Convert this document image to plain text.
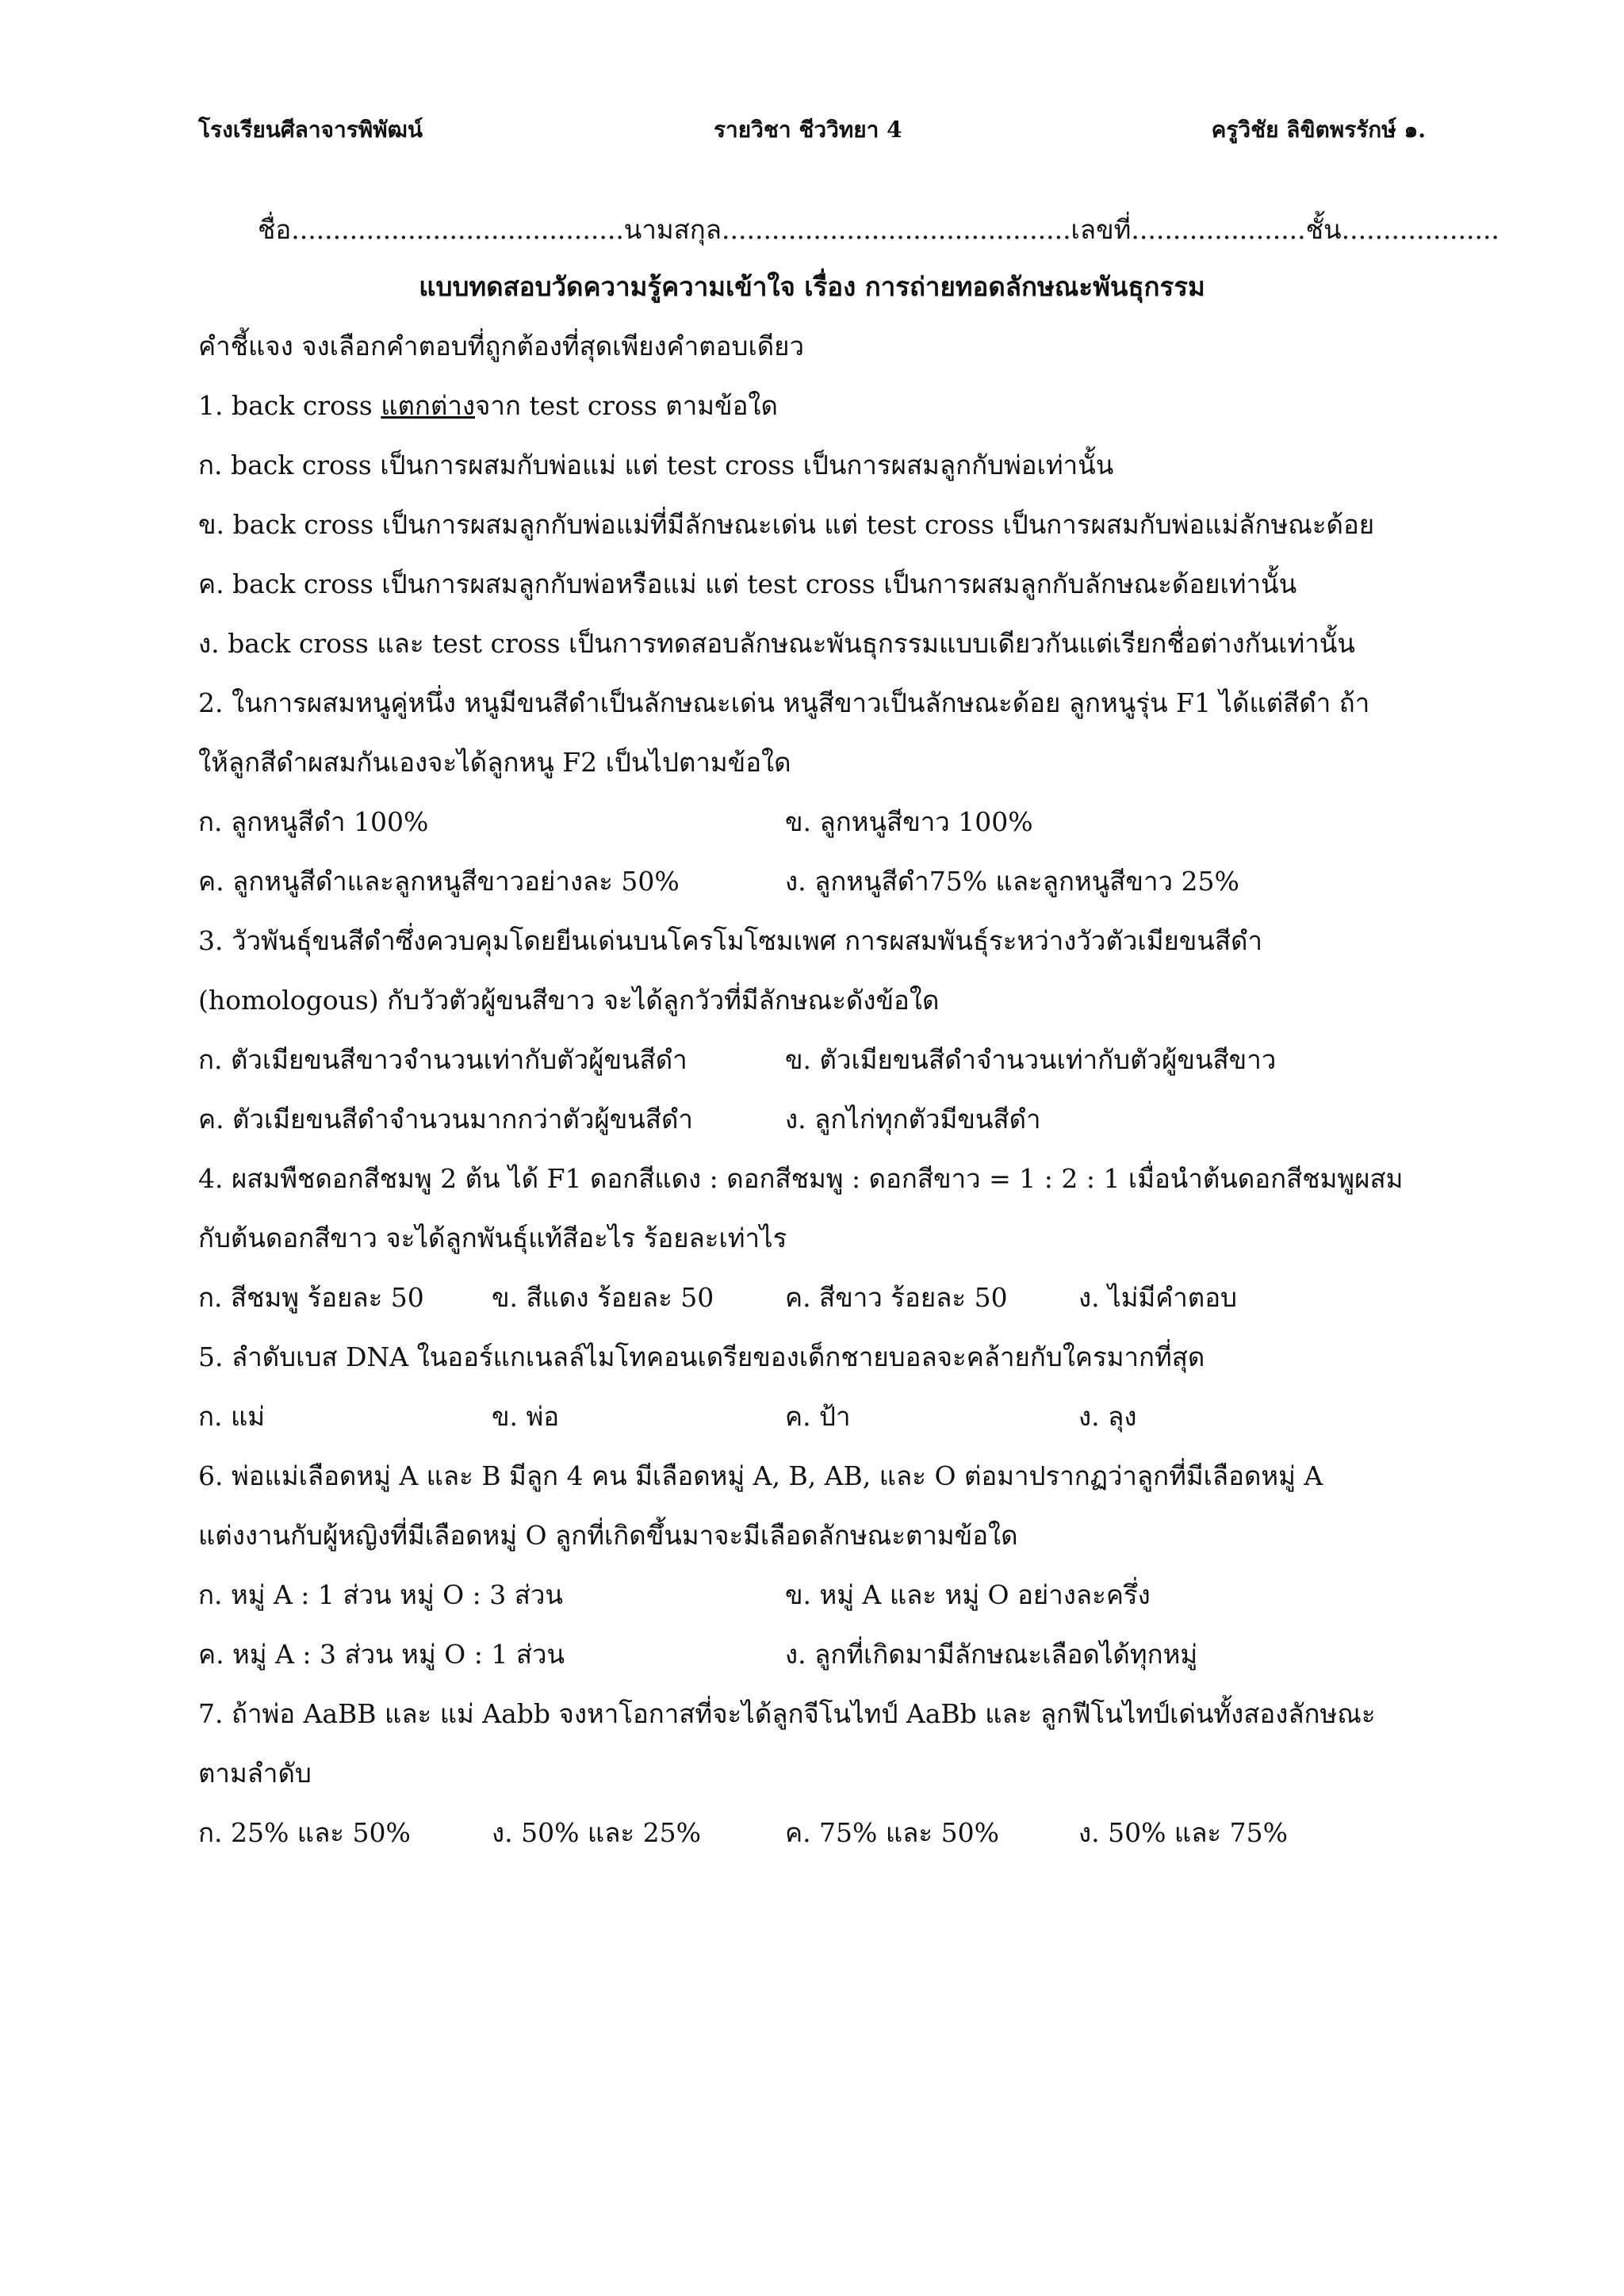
โรงเรียนศีลาจารพิพัฒน์	รายวิชา ชีววิทยา 4	ครูวิชัย ลิขิตพรรักษ์ ๑.
ชื่อ........................................นามสกุล..........................................เลขที่.....................ชั้น...................
แบบทดสอบวัดความรู้ความเข้าใจ เรื่อง การถ่ายทอดลักษณะพันธุกรรม
คำชี้แจง จงเลือกคำตอบที่ถูกต้องที่สุดเพียงคำตอบเดียว
1. back cross แตกต่างจาก test cross ตามข้อใด
ก. back cross เป็นการผสมกับพ่อแม่ แต่ test cross เป็นการผสมลูกกับพ่อเท่านั้น
ข. back cross เป็นการผสมลูกกับพ่อแม่ที่มีลักษณะเด่น แต่ test cross เป็นการผสมกับพ่อแม่ลักษณะด้อย
ค. back cross เป็นการผสมลูกกับพ่อหรือแม่ แต่ test cross เป็นการผสมลูกกับลักษณะด้อยเท่านั้น
ง. back cross และ test cross เป็นการทดสอบลักษณะพันธุกรรมแบบเดียวกันแต่เรียกชื่อต่างกันเท่านั้น
2. ในการผสมหนูคู่หนึ่ง หนูมีขนสีดำเป็นลักษณะเด่น หนูสีขาวเป็นลักษณะด้อย ลูกหนูรุ่น F1 ได้แต่สีดำ ถ้า
ให้ลูกสีดำผสมกันเองจะได้ลูกหนู F2 เป็นไปตามข้อใด
ก. ลูกหนูสีดำ 100%	ข. ลูกหนูสีขาว 100%
ค. ลูกหนูสีดำและลูกหนูสีขาวอย่างละ 50%	ง. ลูกหนูสีดำ75% และลูกหนูสีขาว 25%
3. วัวพันธุ์ขนสีดำซึ่งควบคุมโดยยีนเด่นบนโครโมโซมเพศ การผสมพันธุ์ระหว่างวัวตัวเมียขนสีดำ
(homologous) กับวัวตัวผู้ขนสีขาว จะได้ลูกวัวที่มีลักษณะดังข้อใด
ก. ตัวเมียขนสีขาวจำนวนเท่ากับตัวผู้ขนสีดำ	ข. ตัวเมียขนสีดำจำนวนเท่ากับตัวผู้ขนสีขาว
ค. ตัวเมียขนสีดำจำนวนมากกว่าตัวผู้ขนสีดำ	ง. ลูกไก่ทุกตัวมีขนสีดำ
4. ผสมพืชดอกสีชมพู 2 ต้น ได้ F1 ดอกสีแดง : ดอกสีชมพู : ดอกสีขาว = 1 : 2 : 1 เมื่อนำต้นดอกสีชมพูผสม
กับต้นดอกสีขาว จะได้ลูกพันธุ์แท้สีอะไร ร้อยละเท่าไร
ก. สีชมพู ร้อยละ 50	ข. สีแดง ร้อยละ 50	ค. สีขาว ร้อยละ 50	ง. ไม่มีคำตอบ
5. ลำดับเบส DNA ในออร์แกเนลล์ไมโทคอนเดรียของเด็กชายบอลจะคล้ายกับใครมากที่สุด
ก. แม่	ข. พ่อ	ค. ป้า	ง. ลุง
6. พ่อแม่เลือดหมู่ A และ B มีลูก 4 คน มีเลือดหมู่ A, B, AB, และ O ต่อมาปรากฏว่าลูกที่มีเลือดหมู่ A
แต่งงานกับผู้หญิงที่มีเลือดหมู่ O ลูกที่เกิดขึ้นมาจะมีเลือดลักษณะตามข้อใด
ก. หมู่ A : 1 ส่วน หมู่ O : 3 ส่วน	ข. หมู่ A และ หมู่ O อย่างละครึ่ง
ค. หมู่ A : 3 ส่วน หมู่ O : 1 ส่วน	ง. ลูกที่เกิดมามีลักษณะเลือดได้ทุกหมู่
7. ถ้าพ่อ AaBB และ แม่ Aabb จงหาโอกาสที่จะได้ลูกจีโนไทป์ AaBb และ ลูกฟีโนไทป์เด่นทั้งสองลักษณะ
ตามลำดับ
ก. 25% และ 50%	ง. 50% และ 25%	ค. 75% และ 50%	ง. 50% และ 75%
